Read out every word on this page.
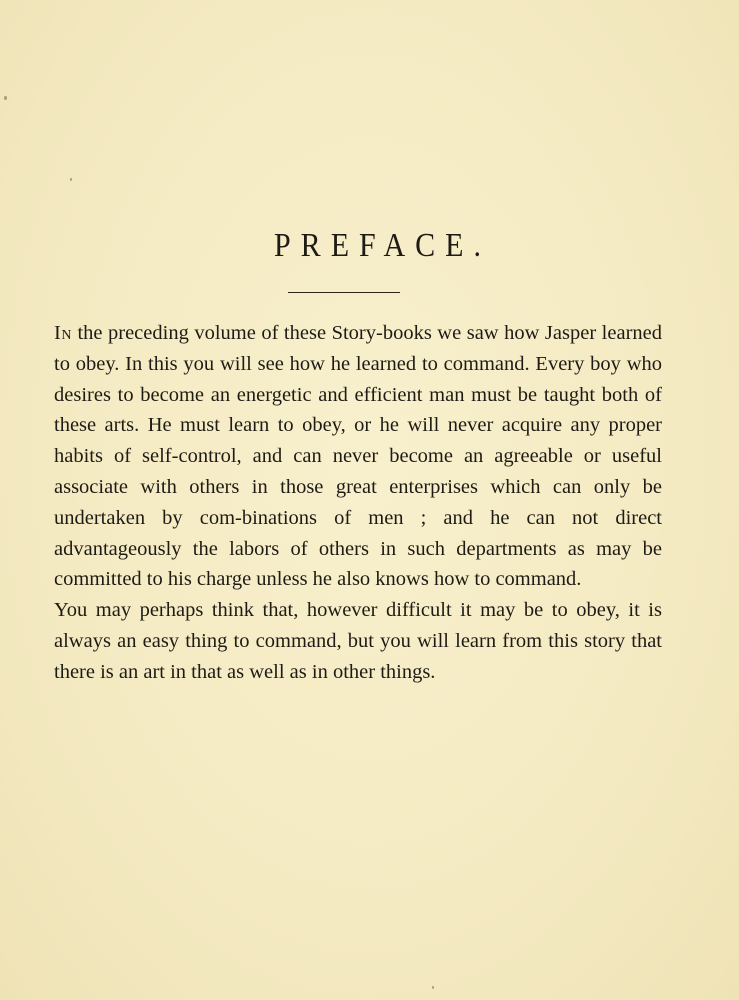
PREFACE.

In the preceding volume of these Story-books we saw how Jasper learned to obey. In this you will see how he learned to command. Every boy who desires to become an energetic and efficient man must be taught both of these arts. He must learn to obey, or he will never acquire any proper habits of self-control, and can never become an agreeable or useful associate with others in those great enterprises which can only be undertaken by com-binations of men ; and he can not direct advantageously the labors of others in such departments as may be committed to his charge unless he also knows how to command.

You may perhaps think that, however difficult it may be to obey, it is always an easy thing to command, but you will learn from this story that there is an art in that as well as in other things.
